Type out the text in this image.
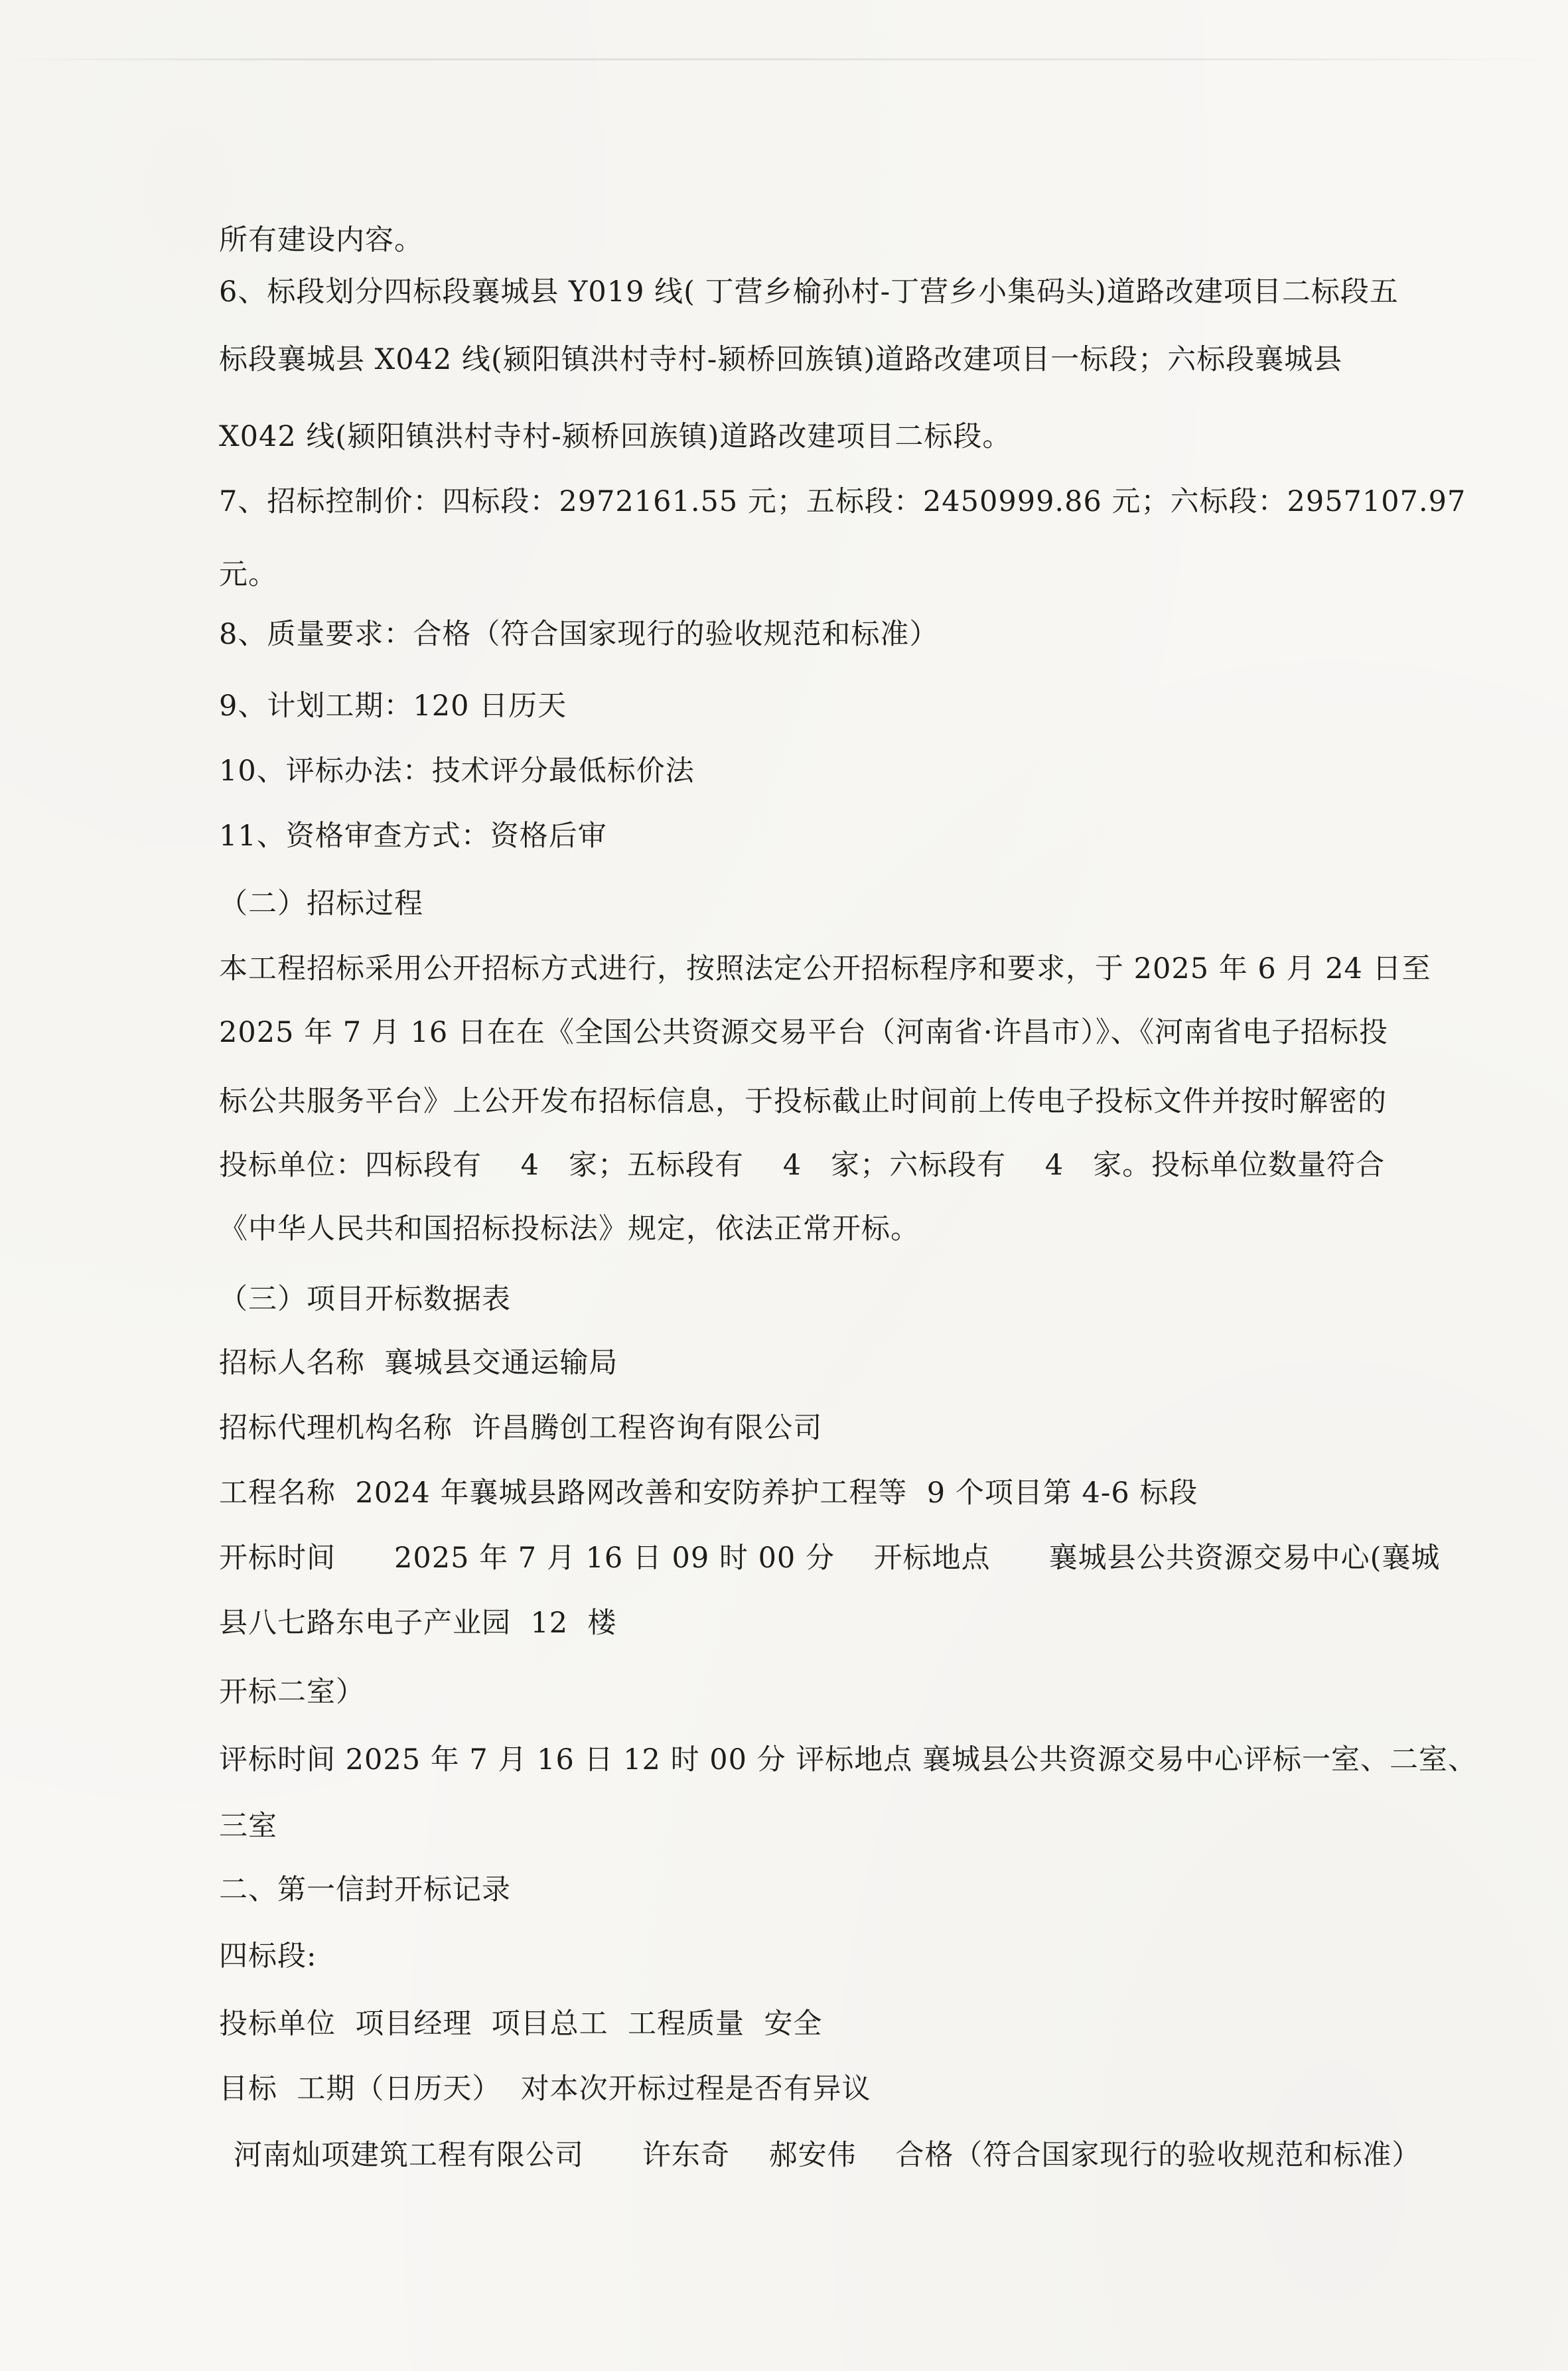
所有建设内容。
6、标段划分四标段襄城县 Y019 线( 丁营乡榆孙村-丁营乡小集码头)道路改建项目二标段五
标段襄城县 X042 线(颍阳镇洪村寺村-颍桥回族镇)道路改建项目一标段；六标段襄城县
X042 线(颍阳镇洪村寺村-颍桥回族镇)道路改建项目二标段。
7、招标控制价：四标段：2972161.55 元；五标段：2450999.86 元；六标段：2957107.97
元。
8、质量要求：合格（符合国家现行的验收规范和标准）
9、计划工期：120 日历天
10、评标办法：技术评分最低标价法
11、资格审查方式：资格后审
（二）招标过程
本工程招标采用公开招标方式进行，按照法定公开招标程序和要求，于 2025 年 6 月 24 日至
2025 年 7 月 16 日在在《全国公共资源交易平台（河南省·许昌市）》、《河南省电子招标投
标公共服务平台》上公开发布招标信息，于投标截止时间前上传电子投标文件并按时解密的
投标单位：四标段有    4   家；五标段有    4   家；六标段有    4   家。投标单位数量符合
《中华人民共和国招标投标法》规定，依法正常开标。
（三）项目开标数据表
招标人名称  襄城县交通运输局
招标代理机构名称  许昌腾创工程咨询有限公司
工程名称  2024 年襄城县路网改善和安防养护工程等  9 个项目第 4-6 标段
开标时间      2025 年 7 月 16 日 09 时 00 分    开标地点      襄城县公共资源交易中心(襄城
县八七路东电子产业园  12  楼
开标二室）
评标时间 2025 年 7 月 16 日 12 时 00 分 评标地点 襄城县公共资源交易中心评标一室、二室、
三室
二、第一信封开标记录
四标段:
投标单位  项目经理  项目总工  工程质量  安全
目标  工期（日历天）  对本次开标过程是否有异议
河南灿项建筑工程有限公司      许东奇    郝安伟    合格（符合国家现行的验收规范和标准）
